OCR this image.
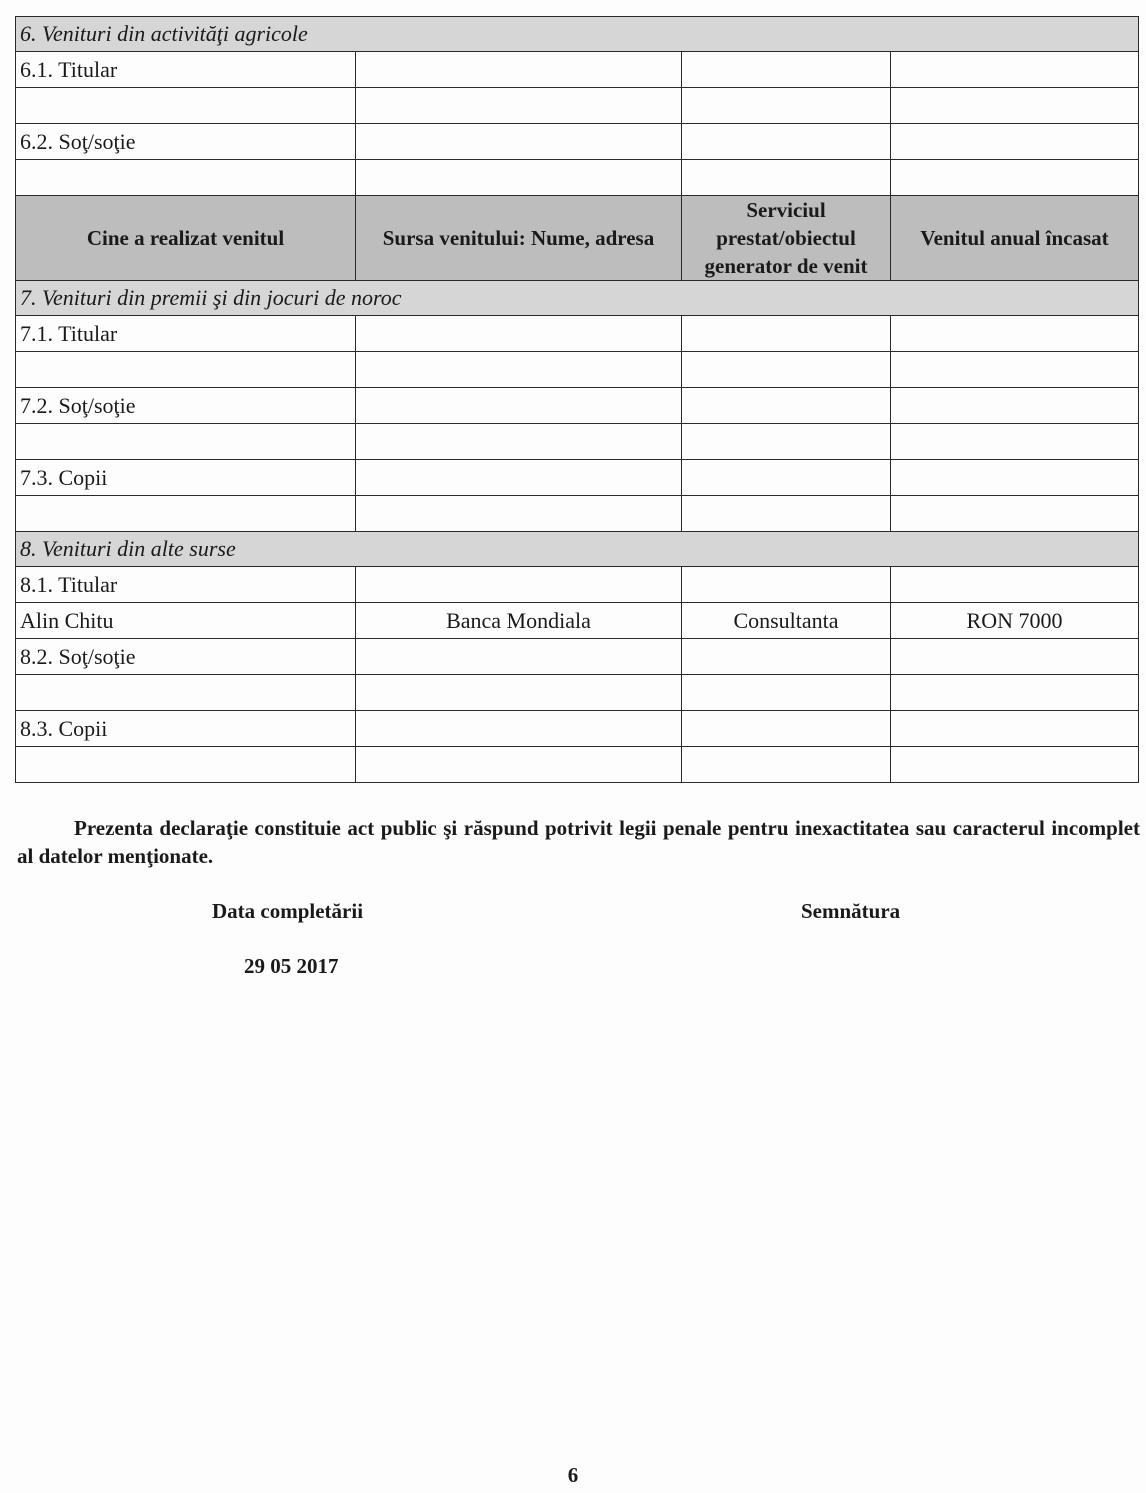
6. Venituri din activităţi agricole			
6.1. Titular			

6.2. Soţ/soţie			

Cine a realizat venitul	Sursa venitului: Nume, adresa	Serviciul prestat/obiectul generator de venit	Venitul anual încasat
7. Venituri din premii şi din jocuri de noroc			
7.1. Titular			

7.2. Soţ/soţie			

7.3. Copii			

8. Venituri din alte surse			
8.1. Titular			
Alin Chitu	Banca Mondiala	Consultanta	RON 7000
8.2. Soţ/soţie			

8.3. Copii			

Prezenta declaraţie constituie act public şi răspund potrivit legii penale pentru inexactitatea sau caracterul incomplet al datelor menţionate.
Data completării	Semnătura
29 05 2017
6
